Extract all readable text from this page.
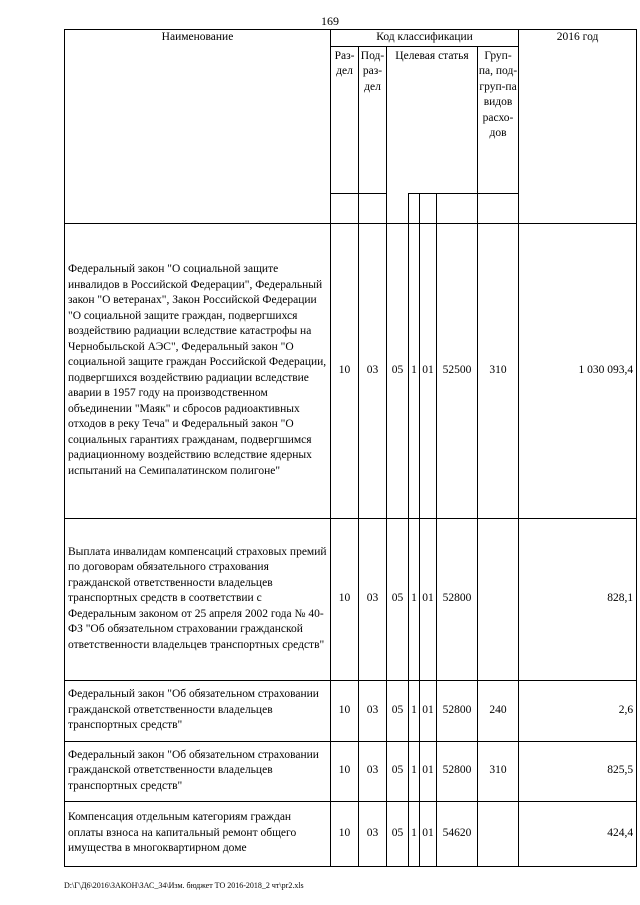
169
Наименование	Код классификации							2016 год
	Раз-дел	Под-раз-дел	Целевая статья				Груп-па, под-груп-па видов расхо-дов	

Федеральный закон "О социальной защите инвалидов в Российской Федерации", Федеральный закон "О ветеранах", Закон Российской Федерации "О социальной защите граждан, подвергшихся воздействию радиации вследствие катастрофы на Чернобыльской АЭС", Федеральный закон "О социальной защите граждан Российской Федерации, подвергшихся воздействию радиации вследствие аварии в 1957 году на производственном объединении "Маяк" и сбросов радиоактивных отходов в реку Теча" и Федеральный закон "О социальных гарантиях гражданам, подвергшимся радиационному воздействию вследствие ядерных испытаний на Семипалатинском полигоне"	10	03	05	1	01	52500	310	1 030 093,4
Выплата инвалидам компенсаций страховых премий по договорам обязательного страхования гражданской ответственности владельцев транспортных средств в соответствии с Федеральным законом от 25 апреля 2002 года № 40-ФЗ "Об обязательном страховании гражданской ответственности владельцев транспортных средств"	10	03	05	1	01	52800		828,1
Федеральный закон "Об обязательном страховании гражданской ответственности владельцев транспортных средств"	10	03	05	1	01	52800	240	2,6
Федеральный закон "Об обязательном страховании гражданской ответственности владельцев транспортных средств"	10	03	05	1	01	52800	310	825,5
Компенсация отдельным категориям граждан оплаты взноса на капитальный ремонт общего имущества в многоквартирном доме	10	03	05	1	01	54620		424,4
D:\Г\Д6\2016\ЗАКОН\ЗАС_34\Изм. бюджет ТО 2016-2018_2 чт\pr2.xls
